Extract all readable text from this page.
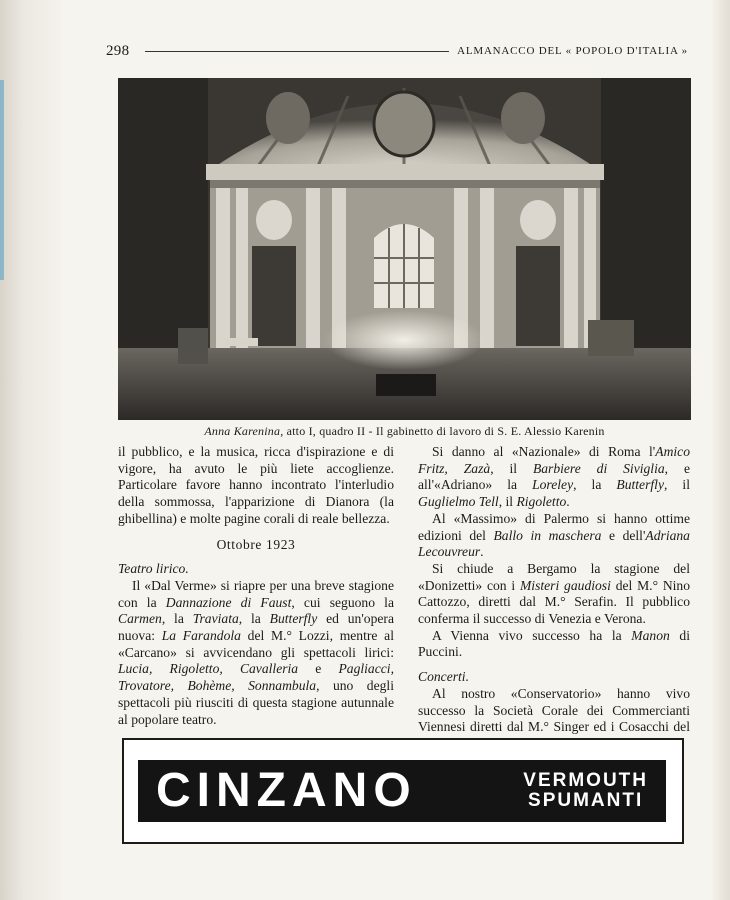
298	ALMANACCO DEL « POPOLO D'ITALIA »
Anna Karenina, atto I, quadro II - Il gabinetto di lavoro di S. E. Alessio Karenin

il pubblico, e la musica, ricca d'ispirazione e di vigore, ha avuto le più liete accoglienze. Particolare favore hanno incontrato l'interludio della sommossa, l'apparizione di Dianora (la ghibellina) e molte pagine corali di reale bellezza.

Ottobre 1923

Teatro lirico.

Il «Dal Verme» si riapre per una breve stagione con la Dannazione di Faust, cui seguono la Carmen, la Traviata, la Butterfly ed un'opera nuova: La Farandola del M.° Lozzi, mentre al «Carcano» si avvicendano gli spettacoli lirici: Lucia, Rigoletto, Cavalleria e Pagliacci, Trovatore, Bohème, Sonnambula, uno degli spettacoli più riusciti di questa stagione autunnale al popolare teatro.

Si danno al «Nazionale» di Roma l'Amico Fritz, Zazà, il Barbiere di Siviglia, e all'«Adriano» la Loreley, la Butterfly, il Guglielmo Tell, il Rigoletto.

Al «Massimo» di Palermo si hanno ottime edizioni del Ballo in maschera e dell'Adriana Lecouvreur.

Si chiude a Bergamo la stagione del «Donizetti» con i Misteri gaudiosi del M.° Nino Cattozzo, diretti dal M.° Serafin. Il pubblico conferma il successo di Venezia e Verona.

A Vienna vivo successo ha la Manon di Puccini.

Concerti.

Al nostro «Conservatorio» hanno vivo successo la Società Corale dei Commercianti Viennesi diretti dal M.° Singer ed i Cosacchi del

CINZANO	VERMOUTH
SPUMANTI
